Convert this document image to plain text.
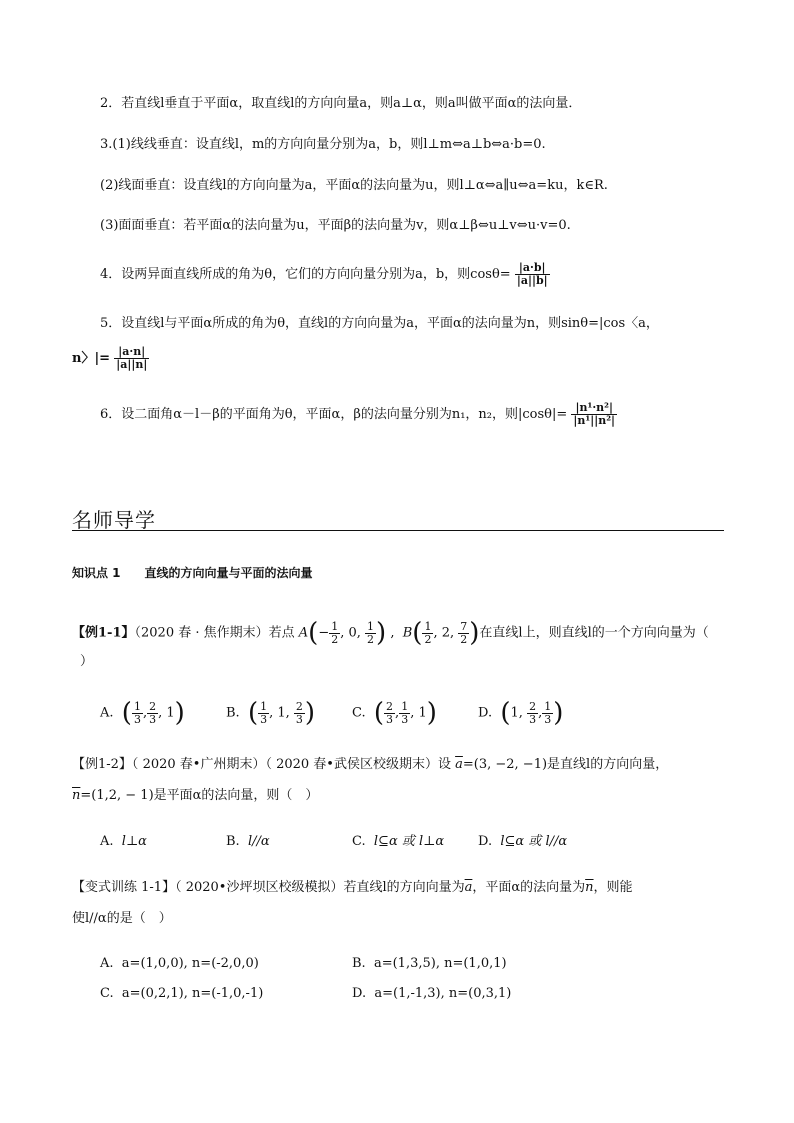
2．若直线l垂直于平面α，取直线l的方向向量a，则a⊥α，则a叫做平面α的法向量．
3.(1)线线垂直：设直线l，m的方向向量分别为a，b，则l⊥m⇔a⊥b⇔a·b=0.
(2)线面垂直：设直线l的方向向量为a，平面α的法向量为u，则l⊥α⇔a∥u⇔a=ku，k∈R.
(3)面面垂直：若平面α的法向量为u，平面β的法向量为v，则α⊥β⇔u⊥v⇔u·v=0.
4．设两异面直线所成的角为θ，它们的方向向量分别为a，b，则$\cos\theta= \frac{|a\cdot b|}{|a||b|}$
5．设直线l与平面α所成的角为θ，直线l的方向向量为a，平面α的法向量为n，则sinθ=|cos〈a，
n〉|= $\frac{|a\cdot n|}{|a||n|}$
6．设二面角α－l－β的平面角为θ，平面α，β的法向量分别为n₁，n₂，则$|\cos\theta|= \frac{\text{|n¹·n²|}}{\text{|n¹||n²|}}$
名师导学
知识点 1　　直线的方向向量与平面的法向量
【例1-1】（2020 春 · 焦作期末）若点 $A(- \frac{1}{2}$ , 0, $\frac{1}{2}$ ) ,  $B( \frac{1}{2}$ , 2, $\frac{7}{2}$ )在直线l上，则直线l的一个方向向量为（
）
A. ( $\frac{1}{3}$ , $\frac{2}{3}$ , 1)	B. ( $\frac{1}{3}$ , 1, $\frac{2}{3}$ )	C. ( $\frac{2}{3}$ , $\frac{1}{3}$ , 1)	D. (1, $\frac{2}{3}$ , $\frac{1}{3}$ )
【例1-2】（ 2020 春•广州期末）（ 2020 春•武侯区校级期末）设 $\overline{a}=(3$, −2, −1)是直线l的方向向量，
$\overline{n}=(1,2$, − 1)是平面α的法向量，则（　）
A. l⊥α	B. l//α	C. l⊆α 或 l⊥α	D. l⊆α 或 l//α
【变式训练 1-1】（ 2020•沙坪坝区校级模拟）若直线l的方向向量为$\overline{a}$，平面α的法向量为$\overline{n}$，则能
使l//α的是（　）
A. a=(1,0,0), n=(-2,0,0)	B. a=(1,3,5), n=(1,0,1)
C. a=(0,2,1), n=(-1,0,-1)	D. a=(1,-1,3), n=(0,3,1)
